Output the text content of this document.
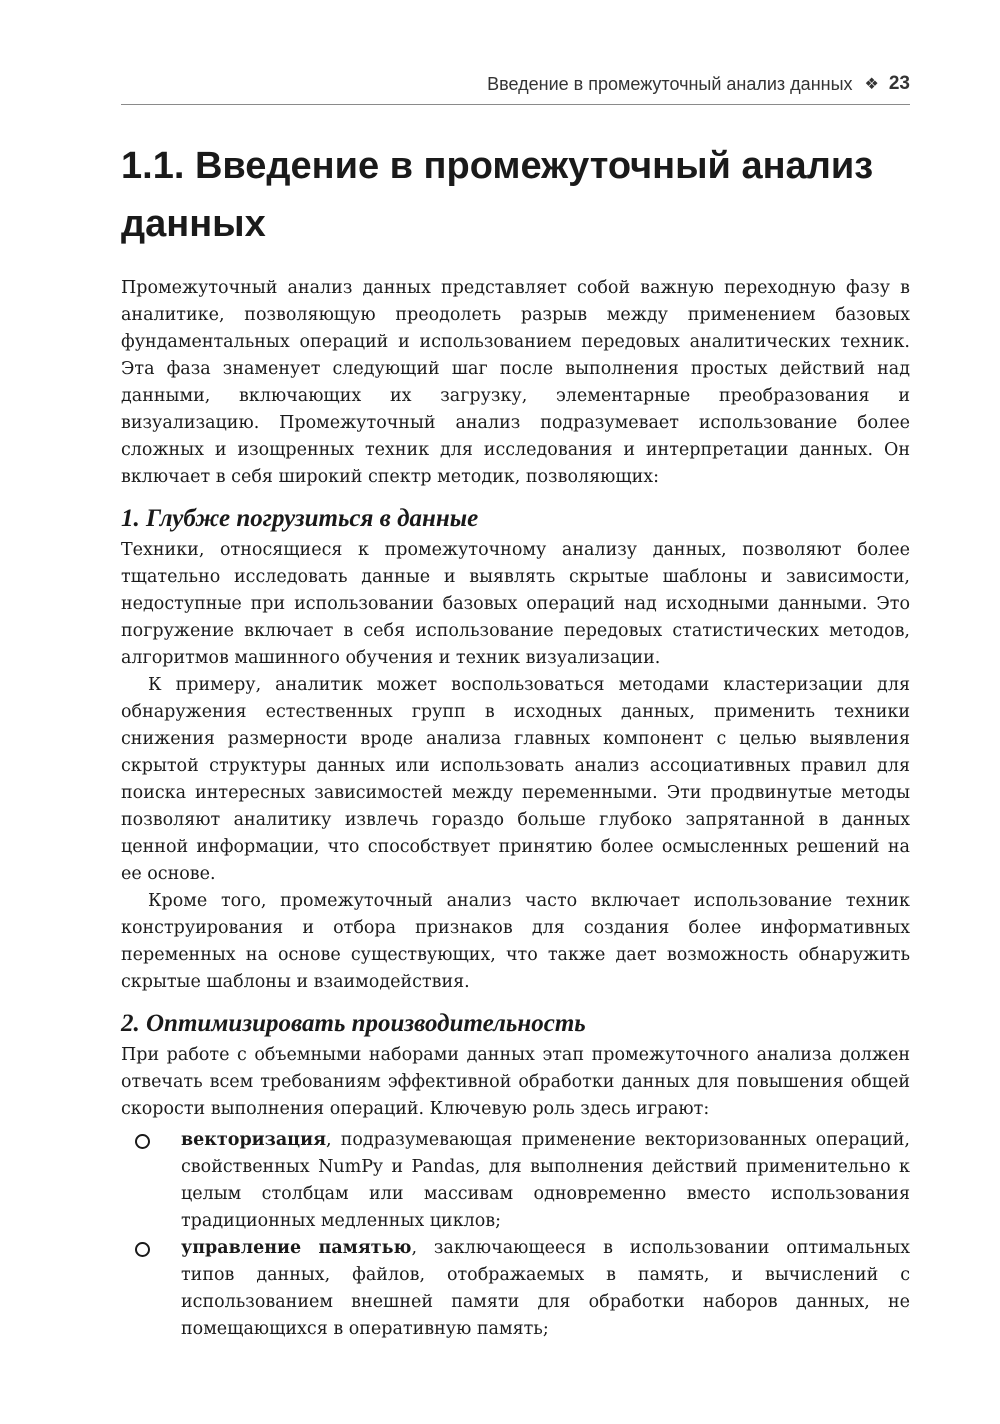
Введение в промежуточный анализ данных ❖ 23
1.1. Введение в промежуточный анализ данных

Промежуточный анализ данных представляет собой важную переходную фазу в аналитике, позволяющую преодолеть разрыв между применением базовых фундаментальных операций и использованием передовых аналитических техник. Эта фаза знаменует следующий шаг после выполнения простых действий над данными, включающих их загрузку, элементарные преобразования и визуализацию. Промежуточный анализ подразумевает использование более сложных и изощренных техник для исследования и интерпретации данных. Он включает в себя широкий спектр методик, позволяющих:

1. Глубже погрузиться в данные

Техники, относящиеся к промежуточному анализу данных, позволяют более тщательно исследовать данные и выявлять скрытые шаблоны и зависимости, недоступные при использовании базовых операций над исходными данными. Это погружение включает в себя использование передовых статистических методов, алгоритмов машинного обучения и техник визуализации.

К примеру, аналитик может воспользоваться методами кластеризации для обнаружения естественных групп в исходных данных, применить техники снижения размерности вроде анализа главных компонент с целью выявления скрытой структуры данных или использовать анализ ассоциативных правил для поиска интересных зависимостей между переменными. Эти продвинутые методы позволяют аналитику извлечь гораздо больше глубоко запрятанной в данных ценной информации, что способствует принятию более осмысленных решений на ее основе.

Кроме того, промежуточный анализ часто включает использование техник конструирования и отбора признаков для создания более информативных переменных на основе существующих, что также дает возможность обнаружить скрытые шаблоны и взаимодействия.

2. Оптимизировать производительность

При работе с объемными наборами данных этап промежуточного анализа должен отвечать всем требованиям эффективной обработки данных для повышения общей скорости выполнения операций. Ключевую роль здесь играют:

векторизация, подразумевающая применение векторизованных операций, свойственных NumPy и Pandas, для выполнения действий применительно к целым столбцам или массивам одновременно вместо использования традиционных медленных циклов;

управление памятью, заключающееся в использовании оптимальных типов данных, файлов, отображаемых в память, и вычислений с использованием внешней памяти для обработки наборов данных, не помещающихся в оперативную память;
